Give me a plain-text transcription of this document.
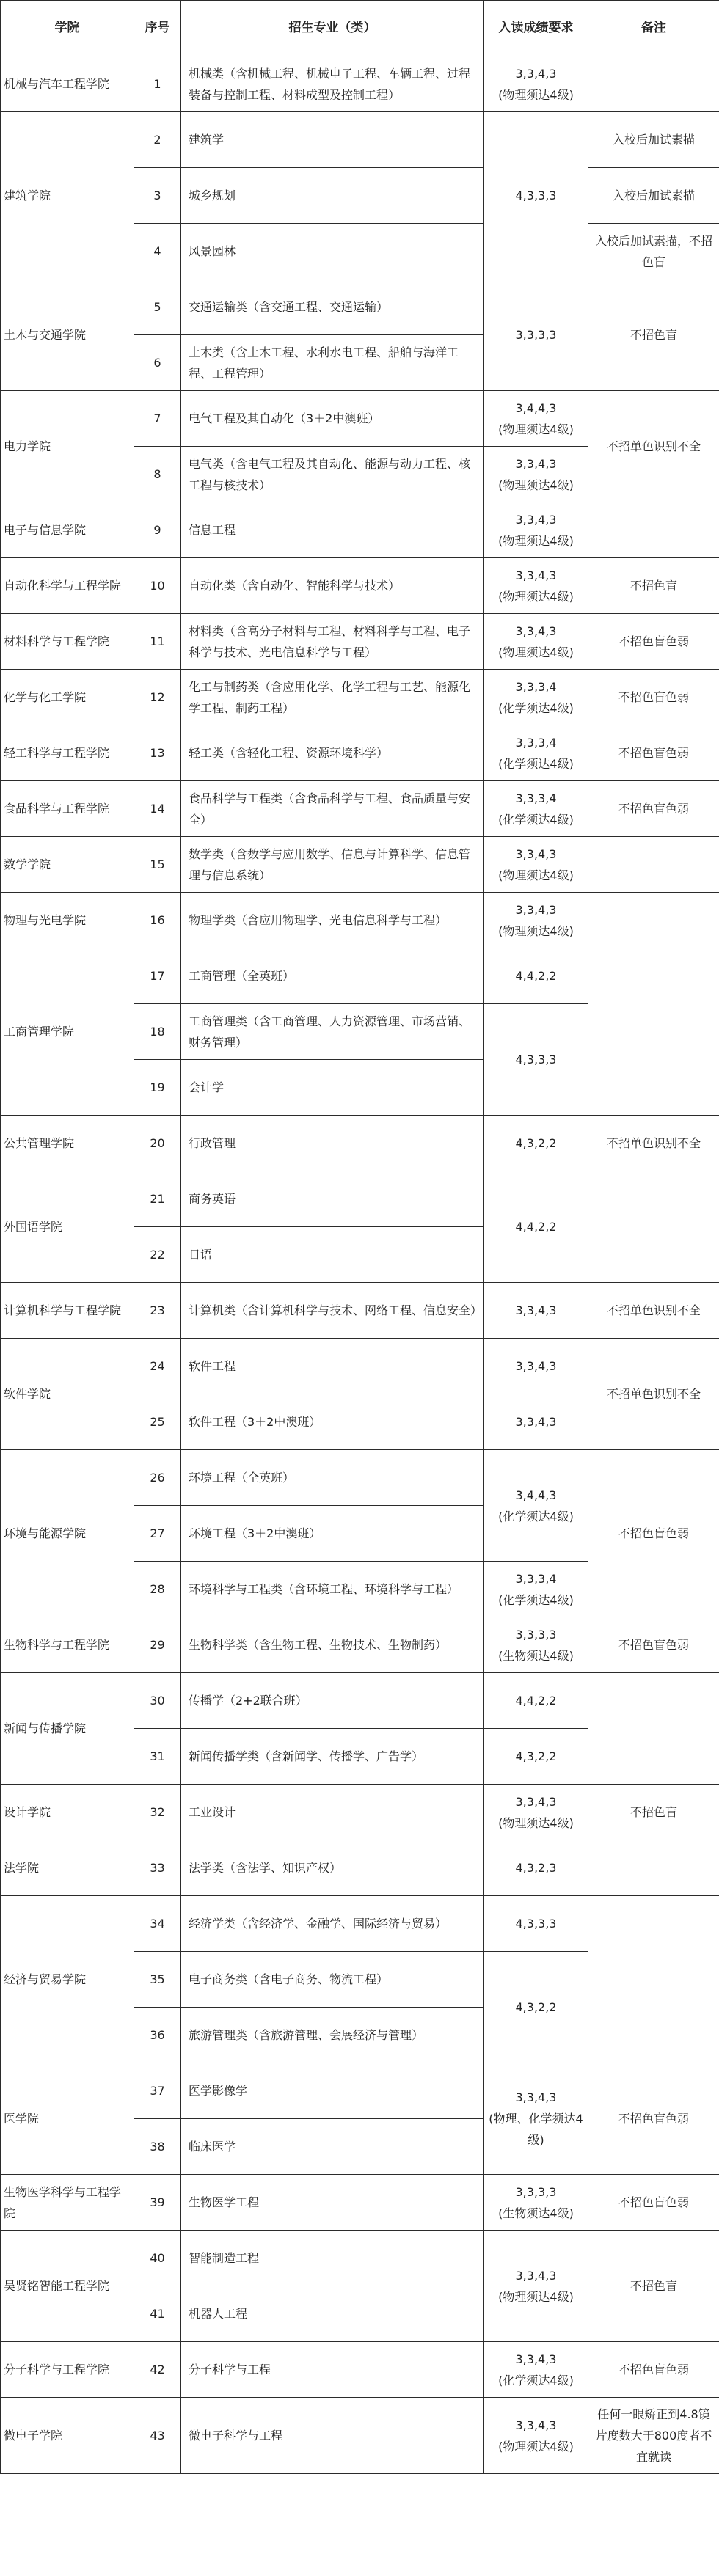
学院	序号	招生专业（类）	入读成绩要求	备注
机械与汽车工程学院	1	机械类（含机械工程、机械电子工程、车辆工程、过程装备与控制工程、材料成型及控制工程）	3,3,4,3
(物理须达4级)	
建筑学院	2	建筑学	4,3,3,3	入校后加试素描
	3	城乡规划		入校后加试素描
	4	风景园林		入校后加试素描，不招色盲
土木与交通学院	5	交通运输类（含交通工程、交通运输）	3,3,3,3	不招色盲
	6	土木类（含土木工程、水利水电工程、船舶与海洋工程、工程管理）		
电力学院	7	电气工程及其自动化（3＋2中澳班）	3,4,4,3
(物理须达4级)	不招单色识别不全
	8	电气类（含电气工程及其自动化、能源与动力工程、核工程与核技术）	3,3,4,3
(物理须达4级)	
电子与信息学院	9	信息工程	3,3,4,3
(物理须达4级)	
自动化科学与工程学院	10	自动化类（含自动化、智能科学与技术）	3,3,4,3
(物理须达4级)	不招色盲
材料科学与工程学院	11	材料类（含高分子材料与工程、材料科学与工程、电子科学与技术、光电信息科学与工程）	3,3,4,3
(物理须达4级)	不招色盲色弱
化学与化工学院	12	化工与制药类（含应用化学、化学工程与工艺、能源化学工程、制药工程）	3,3,3,4
(化学须达4级)	不招色盲色弱
轻工科学与工程学院	13	轻工类（含轻化工程、资源环境科学）	3,3,3,4
(化学须达4级)	不招色盲色弱
食品科学与工程学院	14	食品科学与工程类（含食品科学与工程、食品质量与安全）	3,3,3,4
(化学须达4级)	不招色盲色弱
数学学院	15	数学类（含数学与应用数学、信息与计算科学、信息管理与信息系统）	3,3,4,3
(物理须达4级)	
物理与光电学院	16	物理学类（含应用物理学、光电信息科学与工程）	3,3,4,3
(物理须达4级)	
工商管理学院	17	工商管理（全英班）	4,4,2,2	
	18	工商管理类（含工商管理、人力资源管理、市场营销、财务管理）	4,3,3,3	
	19	会计学		
公共管理学院	20	行政管理	4,3,2,2	不招单色识别不全
外国语学院	21	商务英语	4,4,2,2	
	22	日语		
计算机科学与工程学院	23	计算机类（含计算机科学与技术、网络工程、信息安全）	3,3,4,3	不招单色识别不全
软件学院	24	软件工程	3,3,4,3	不招单色识别不全
	25	软件工程（3＋2中澳班）	3,3,4,3	
环境与能源学院	26	环境工程（全英班）	3,4,4,3
(化学须达4级)	不招色盲色弱
	27	环境工程（3＋2中澳班）		
	28	环境科学与工程类（含环境工程、环境科学与工程）	3,3,3,4
(化学须达4级)	
生物科学与工程学院	29	生物科学类（含生物工程、生物技术、生物制药）	3,3,3,3
(生物须达4级)	不招色盲色弱
新闻与传播学院	30	传播学（2+2联合班）	4,4,2,2	
	31	新闻传播学类（含新闻学、传播学、广告学）	4,3,2,2	
设计学院	32	工业设计	3,3,4,3
(物理须达4级)	不招色盲
法学院	33	法学类（含法学、知识产权）	4,3,2,3	
经济与贸易学院	34	经济学类（含经济学、金融学、国际经济与贸易）	4,3,3,3	
	35	电子商务类（含电子商务、物流工程）	4,3,2,2	
	36	旅游管理类（含旅游管理、会展经济与管理）		
医学院	37	医学影像学	3,3,4,3
(物理、化学须达4级)	不招色盲色弱
	38	临床医学		
生物医学科学与工程学院	39	生物医学工程	3,3,3,3
(生物须达4级)	不招色盲色弱
吴贤铭智能工程学院	40	智能制造工程	3,3,4,3
(物理须达4级)	不招色盲
	41	机器人工程		
分子科学与工程学院	42	分子科学与工程	3,3,4,3
(化学须达4级)	不招色盲色弱
微电子学院	43	微电子科学与工程	3,3,4,3
(物理须达4级)	任何一眼矫正到4.8镜片度数大于800度者不宜就读
